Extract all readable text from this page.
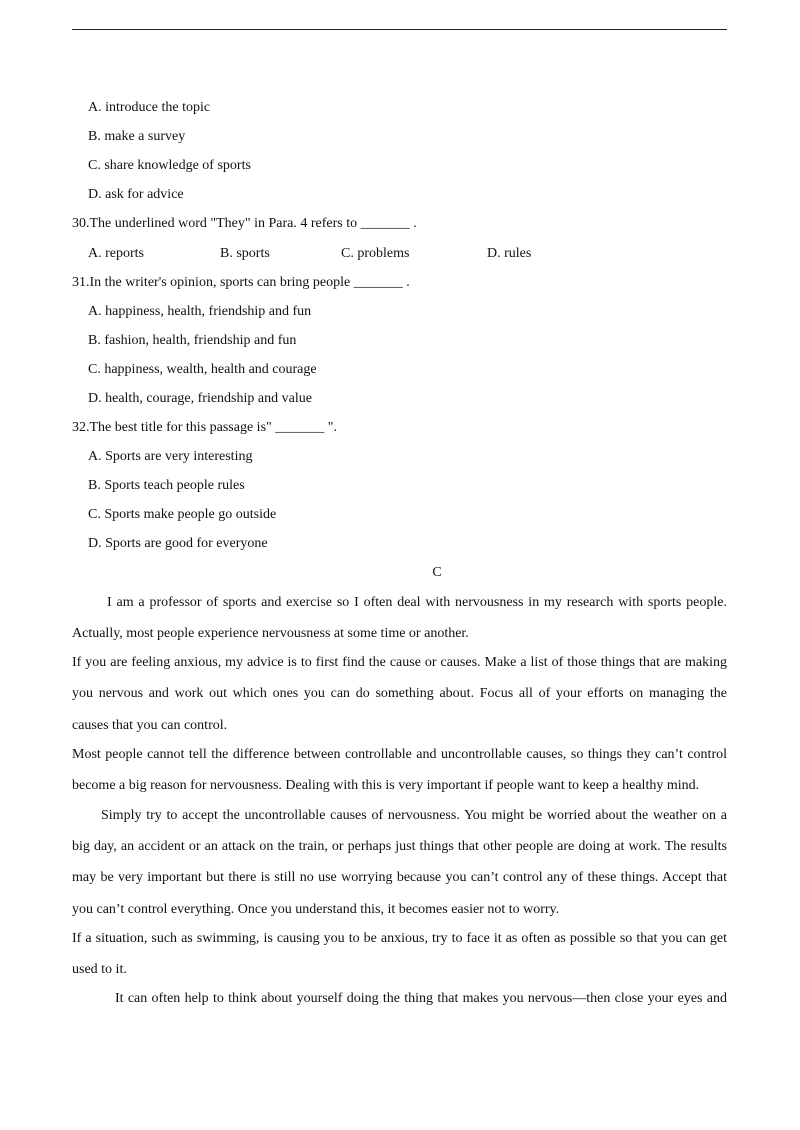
A. introduce the topic
B. make a survey
C. share knowledge of sports
D. ask for advice
30.The underlined word "They" in Para. 4 refers to _______ .
A. reports	B. sports	C. problems	D. rules
31.In the writer's opinion, sports can bring people _______ .
A. happiness, health, friendship and fun
B. fashion, health, friendship and fun
C. happiness, wealth, health and courage
D. health, courage, friendship and value
32.The best title for this passage is" _______ ".
A. Sports are very interesting
B. Sports teach people rules
C. Sports make people go outside
D. Sports are good for everyone
C
I am a professor of sports and exercise so I often deal with nervousness in my research with sports people.
Actually, most people experience nervousness at some time or another.
If you are feeling anxious, my advice is to first find the cause or causes. Make a list of those things that are making
you nervous and work out which ones you can do something about. Focus all of your efforts on managing the
causes that you can control.
Most people cannot tell the difference between controllable and uncontrollable causes, so things they can’t control
become a big reason for nervousness. Dealing with this is very important if people want to keep a healthy mind.
Simply try to accept the uncontrollable causes of nervousness. You might be worried about the weather on a
big day, an accident or an attack on the train, or perhaps just things that other people are doing at work. The results
may be very important but there is still no use worrying because you can’t control any of these things. Accept that
you can’t control everything. Once you understand this, it becomes easier not to worry.
If a situation, such as swimming, is causing you to be anxious, try to face it as often as possible so that you can get
used to it.
It can often help to think about yourself doing the thing that makes you nervous—then close your eyes and
